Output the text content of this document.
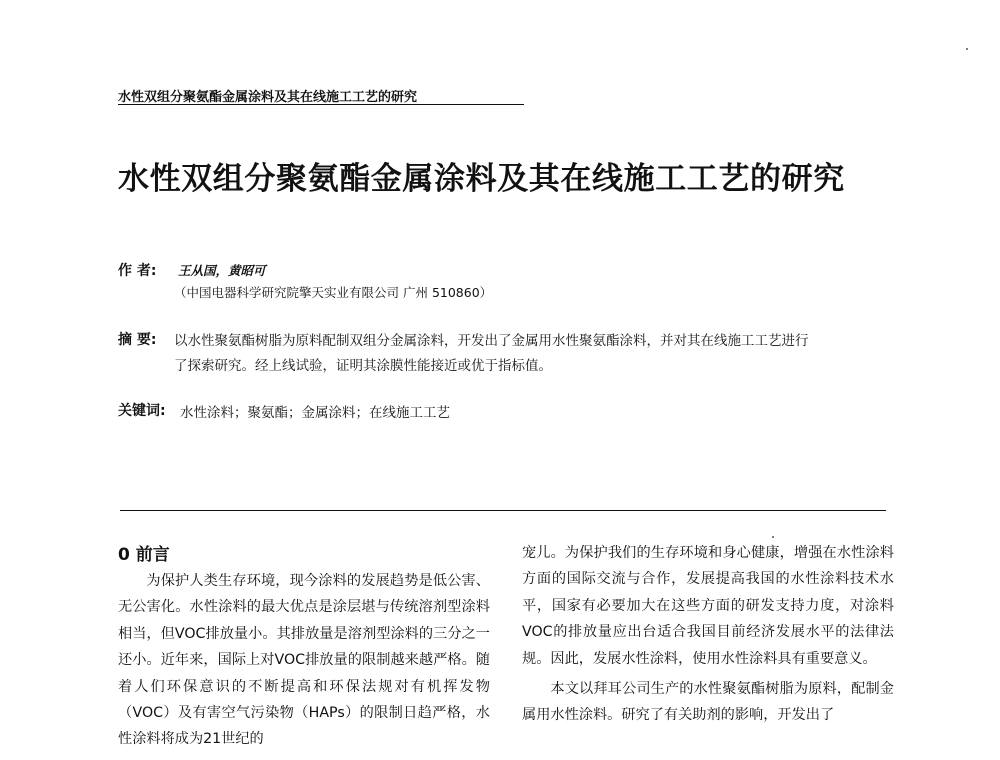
水性双组分聚氨酯金属涂料及其在线施工工艺的研究
水性双组分聚氨酯金属涂料及其在线施工工艺的研究
作 者: 王从国，黄昭可
（中国电器科学研究院擎天实业有限公司 广州 510860）
摘 要: 以水性聚氨酯树脂为原料配制双组分金属涂料，开发出了金属用水性聚氨酯涂料，并对其在线施工工艺进行
了探索研究。经上线试验，证明其涂膜性能接近或优于指标值。
关键词: 水性涂料；聚氨酯；金属涂料；在线施工工艺
0 前言

为保护人类生存环境，现今涂料的发展趋势是低公害、无公害化。水性涂料的最大优点是涂层堪与传统溶剂型涂料相当，但VOC排放量小。其排放量是溶剂型涂料的三分之一还小。近年来，国际上对VOC排放量的限制越来越严格。随着人们环保意识的不断提高和环保法规对有机挥发物（VOC）及有害空气污染物（HAPs）的限制日趋严格，水性涂料将成为21世纪的

宠儿。为保护我们的生存环境和身心健康，增强在水性涂料方面的国际交流与合作，发展提高我国的水性涂料技术水平，国家有必要加大在这些方面的研发支持力度，对涂料VOC的排放量应出台适合我国目前经济发展水平的法律法规。因此，发展水性涂料，使用水性涂料具有重要意义。

本文以拜耳公司生产的水性聚氨酯树脂为原料，配制金属用水性涂料。研究了有关助剂的影响，开发出了
